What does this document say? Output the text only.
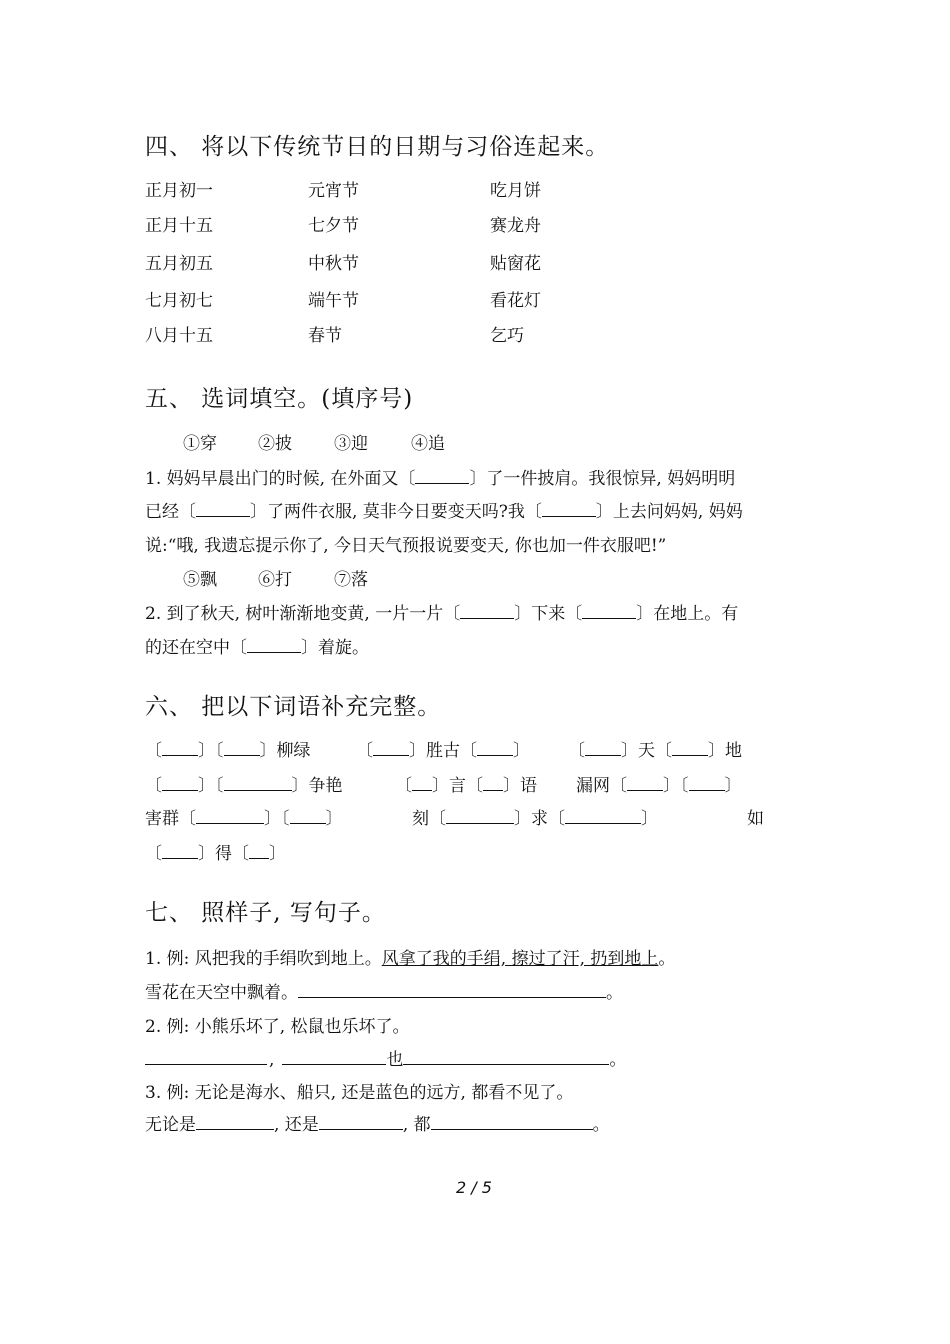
四、 将以下传统节日的日期与习俗连起来。
正月初一	元宵节	吃月饼
正月十五	七夕节	赛龙舟
五月初五	中秋节	贴窗花
七月初七	端午节	看花灯
八月十五	春节	乞巧
五、 选词填空。(填序号)
①穿 ②披 ③迎	④追
1. 妈妈早晨出门的时候, 在外面又〔	〕了一件披肩。我很惊异, 妈妈明明
已经〔	〕了两件衣服, 莫非今日要变天吗?我〔	〕上去问妈妈, 妈妈
说:“哦, 我遗忘提示你了, 今日天气预报说要变天, 你也加一件衣服吧!”
⑤飘 ⑥打 ⑦落
2. 到了秋天, 树叶渐渐地变黄, 一片一片〔	〕下来〔	〕在地上。有
的还在空中〔	〕着旋。
六、 把以下词语补充完整。
〔 〕〔 〕柳绿	〔 〕胜古〔 〕 〔 〕天〔 〕地
〔 〕〔	〕争艳	〔 〕言〔 〕语 漏网〔 〕〔 〕
害群〔	〕〔 〕	刻〔	〕求〔	〕	如
〔 〕得〔 〕
七、 照样子, 写句子。
1. 例: 风把我的手绢吹到地上。风拿了我的手绢, 擦过了汗, 扔到地上。
雪花在天空中飘着。	。
2. 例: 小熊乐坏了, 松鼠也乐坏了。
,	也	。
3. 例: 无论是海水、船只, 还是蓝色的远方, 都看不见了。
无论是	, 还是	, 都	。
2 / 5
